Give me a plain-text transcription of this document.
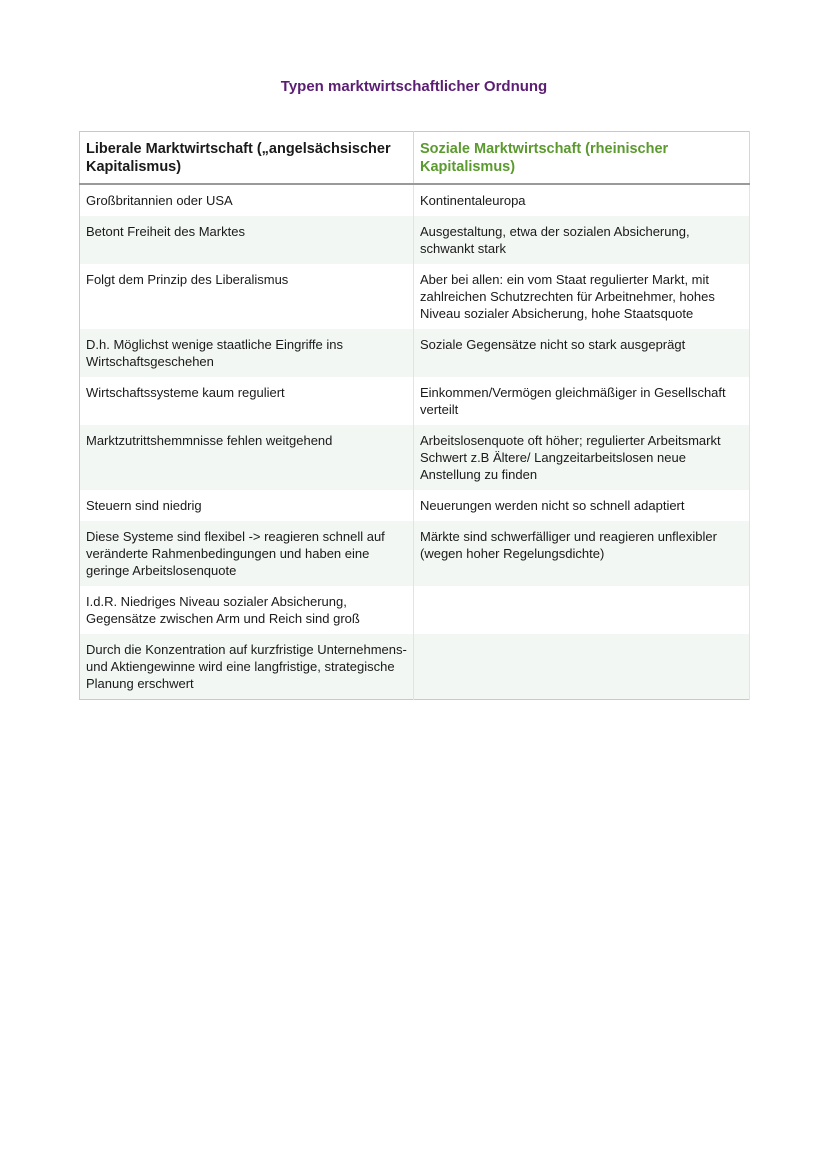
Typen marktwirtschaftlicher Ordnung
Liberale Marktwirtschaft („angelsächsischer Kapitalismus)	Soziale Marktwirtschaft (rheinischer Kapitalismus)
Großbritannien oder USA	Kontinentaleuropa
Betont Freiheit des Marktes	Ausgestaltung, etwa der sozialen Absicherung, schwankt stark
Folgt dem Prinzip des Liberalismus	Aber bei allen: ein vom Staat regulierter Markt, mit zahlreichen Schutzrechten für Arbeitnehmer, hohes Niveau sozialer Absicherung, hohe Staatsquote
D.h. Möglichst wenige staatliche Eingriffe ins Wirtschaftsgeschehen	Soziale Gegensätze nicht so stark ausgeprägt
Wirtschaftssysteme kaum reguliert	Einkommen/Vermögen gleichmäßiger in Gesellschaft verteilt
Marktzutrittshemmnisse fehlen weitgehend	Arbeitslosenquote oft höher; regulierter Arbeitsmarkt Schwert z.B Ältere/ Langzeitarbeitslosen neue Anstellung zu finden
Steuern sind niedrig	Neuerungen werden nicht so schnell adaptiert
Diese Systeme sind flexibel -> reagieren schnell auf veränderte Rahmenbedingungen und haben eine geringe Arbeitslosenquote	Märkte sind schwerfälliger und reagieren unflexibler (wegen hoher Regelungsdichte)
I.d.R. Niedriges Niveau sozialer Absicherung, Gegensätze zwischen Arm und Reich sind groß	
Durch die Konzentration auf kurzfristige Unternehmens- und Aktiengewinne wird eine langfristige, strategische Planung erschwert	
